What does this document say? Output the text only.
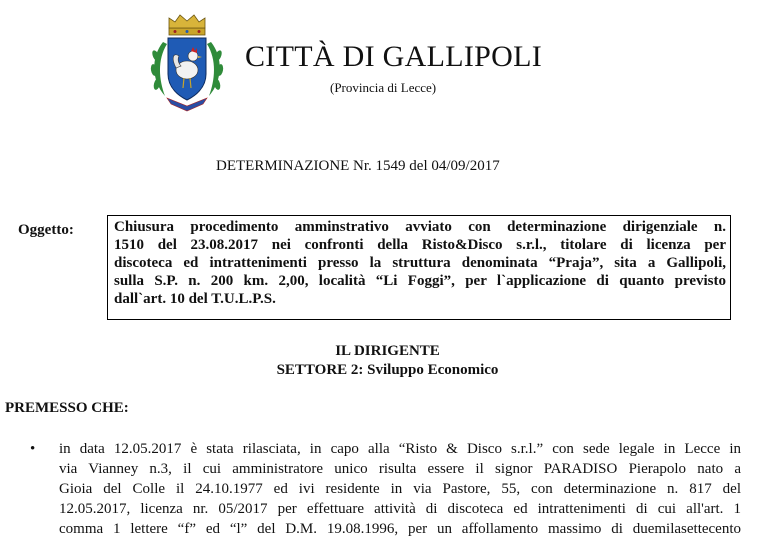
CITTÀ DI GALLIPOLI
(Provincia di Lecce)
DETERMINAZIONE Nr. 1549 del 04/09/2017
Oggetto:	Chiusura procedimento amminstrativo avviato con determinazione dirigenziale n.
1510 del 23.08.2017 nei confronti della Risto&Disco s.r.l., titolare di licenza per
discoteca ed intrattenimenti presso la struttura denominata “Praja”, sita a Gallipoli,
sulla S.P. n. 200 km. 2,00, località “Li Foggi”, per l`applicazione di quanto previsto
dall`art. 10 del T.U.L.P.S.
IL DIRIGENTE
SETTORE 2: Sviluppo Economico
PREMESSO CHE:
• in data 12.05.2017 è stata rilasciata, in capo alla “Risto & Disco s.r.l.” con sede legale in Lecce in
via Vianney n.3, il cui amministratore unico risulta essere il signor PARADISO Pierapolo nato a
Gioia del Colle il 24.10.1977 ed ivi residente in via Pastore, 55, con determinazione n. 817 del
12.05.2017, licenza nr. 05/2017 per effettuare attività di discoteca ed intrattenimenti di cui all'art. 1
comma 1 lettere “f” ed “l” del D.M. 19.08.1996, per un affollamento massimo di duemilasettecento
